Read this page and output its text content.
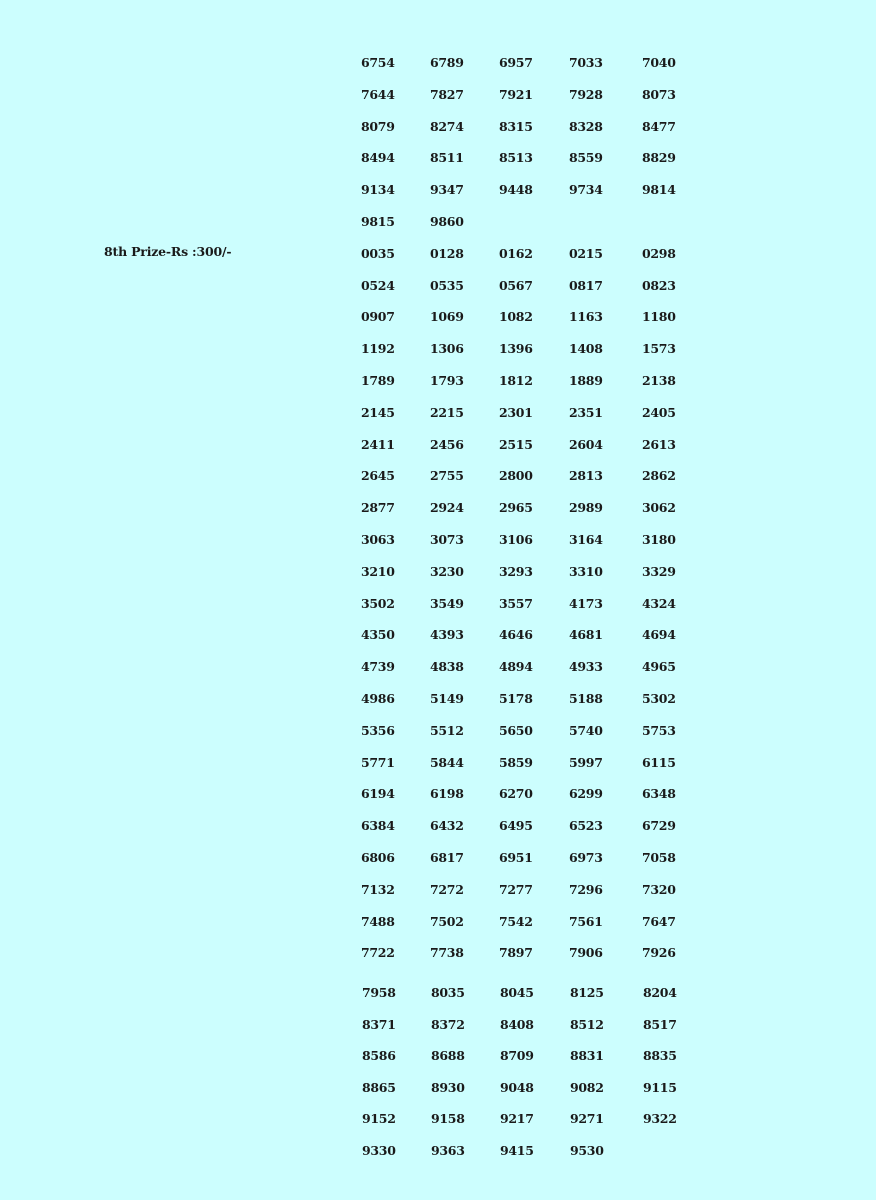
8th Prize-Rs :300/-
6754	6789	6957	7033	7040
7644	7827	7921	7928	8073
8079	8274	8315	8328	8477
8494	8511	8513	8559	8829
9134	9347	9448	9734	9814
9815	9860
0035	0128	0162	0215	0298
0524	0535	0567	0817	0823
0907	1069	1082	1163	1180
1192	1306	1396	1408	1573
1789	1793	1812	1889	2138
2145	2215	2301	2351	2405
2411	2456	2515	2604	2613
2645	2755	2800	2813	2862
2877	2924	2965	2989	3062
3063	3073	3106	3164	3180
3210	3230	3293	3310	3329
3502	3549	3557	4173	4324
4350	4393	4646	4681	4694
4739	4838	4894	4933	4965
4986	5149	5178	5188	5302
5356	5512	5650	5740	5753
5771	5844	5859	5997	6115
6194	6198	6270	6299	6348
6384	6432	6495	6523	6729
6806	6817	6951	6973	7058
7132	7272	7277	7296	7320
7488	7502	7542	7561	7647
7722	7738	7897	7906	7926
7958	8035	8045	8125	8204
8371	8372	8408	8512	8517
8586	8688	8709	8831	8835
8865	8930	9048	9082	9115
9152	9158	9217	9271	9322
9330	9363	9415	9530
